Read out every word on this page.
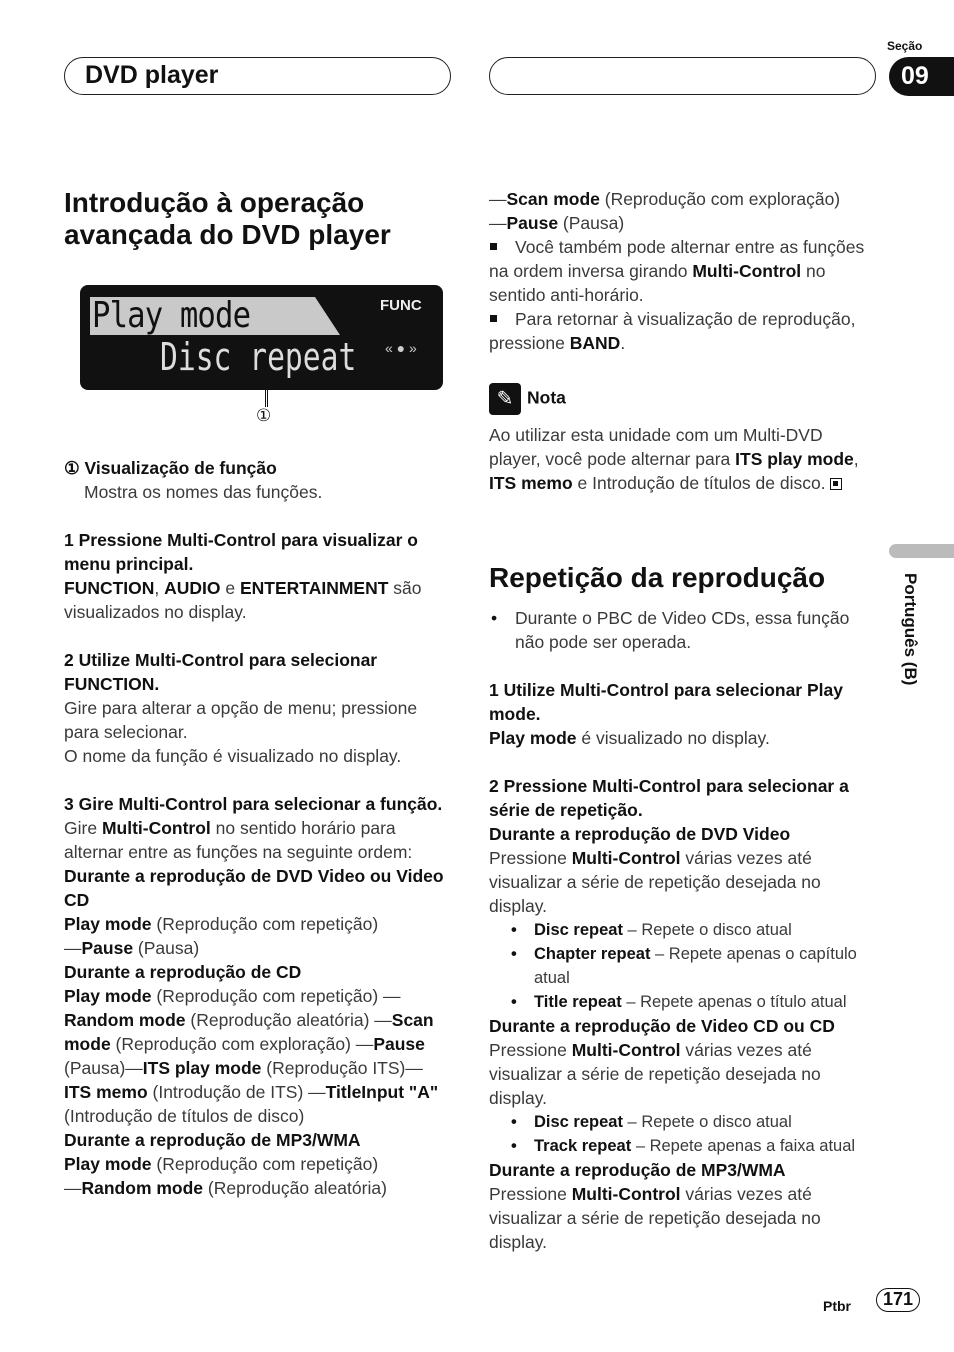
DVD player
Seção
09
Introdução à operação avançada do DVD player
Play mode
Disc repeat
FUNC
« ● »
①
① Visualização de função
Mostra os nomes das funções.
1 Pressione Multi-Control para visualizar o menu principal.
FUNCTION, AUDIO e ENTERTAINMENT são visualizados no display.
2 Utilize Multi-Control para selecionar FUNCTION.
Gire para alterar a opção de menu; pressione para selecionar.
O nome da função é visualizado no display.
3 Gire Multi-Control para selecionar a função.
Gire Multi-Control no sentido horário para alternar entre as funções na seguinte ordem:
Durante a reprodução de DVD Video ou Video CD
Play mode (Reprodução com repetição)
—Pause (Pausa)
Durante a reprodução de CD
Play mode (Reprodução com repetição) —Random mode (Reprodução aleatória) —Scan mode (Reprodução com exploração) —Pause (Pausa)—ITS play mode (Reprodução ITS)—ITS memo (Introdução de ITS) —TitleInput "A" (Introdução de títulos de disco)
Durante a reprodução de MP3/WMA
Play mode (Reprodução com repetição)
—Random mode (Reprodução aleatória)
—Scan mode (Reprodução com exploração)
—Pause (Pausa)
Você também pode alternar entre as funções na ordem inversa girando Multi-Control no sentido anti-horário.
Para retornar à visualização de reprodução, pressione BAND.
✎ Nota
Ao utilizar esta unidade com um Multi-DVD player, você pode alternar para ITS play mode, ITS memo e Introdução de títulos de disco.
Repetição da reprodução
• Durante o PBC de Video CDs, essa função não pode ser operada.
1 Utilize Multi-Control para selecionar Play mode.
Play mode é visualizado no display.
2 Pressione Multi-Control para selecionar a série de repetição.
Durante a reprodução de DVD Video
Pressione Multi-Control várias vezes até visualizar a série de repetição desejada no display.
• Disc repeat – Repete o disco atual
• Chapter repeat – Repete apenas o capítulo atual
• Title repeat – Repete apenas o título atual
Durante a reprodução de Video CD ou CD
Pressione Multi-Control várias vezes até visualizar a série de repetição desejada no display.
• Disc repeat – Repete o disco atual
• Track repeat – Repete apenas a faixa atual
Durante a reprodução de MP3/WMA
Pressione Multi-Control várias vezes até visualizar a série de repetição desejada no display.
Português (B)
Ptbr	171
